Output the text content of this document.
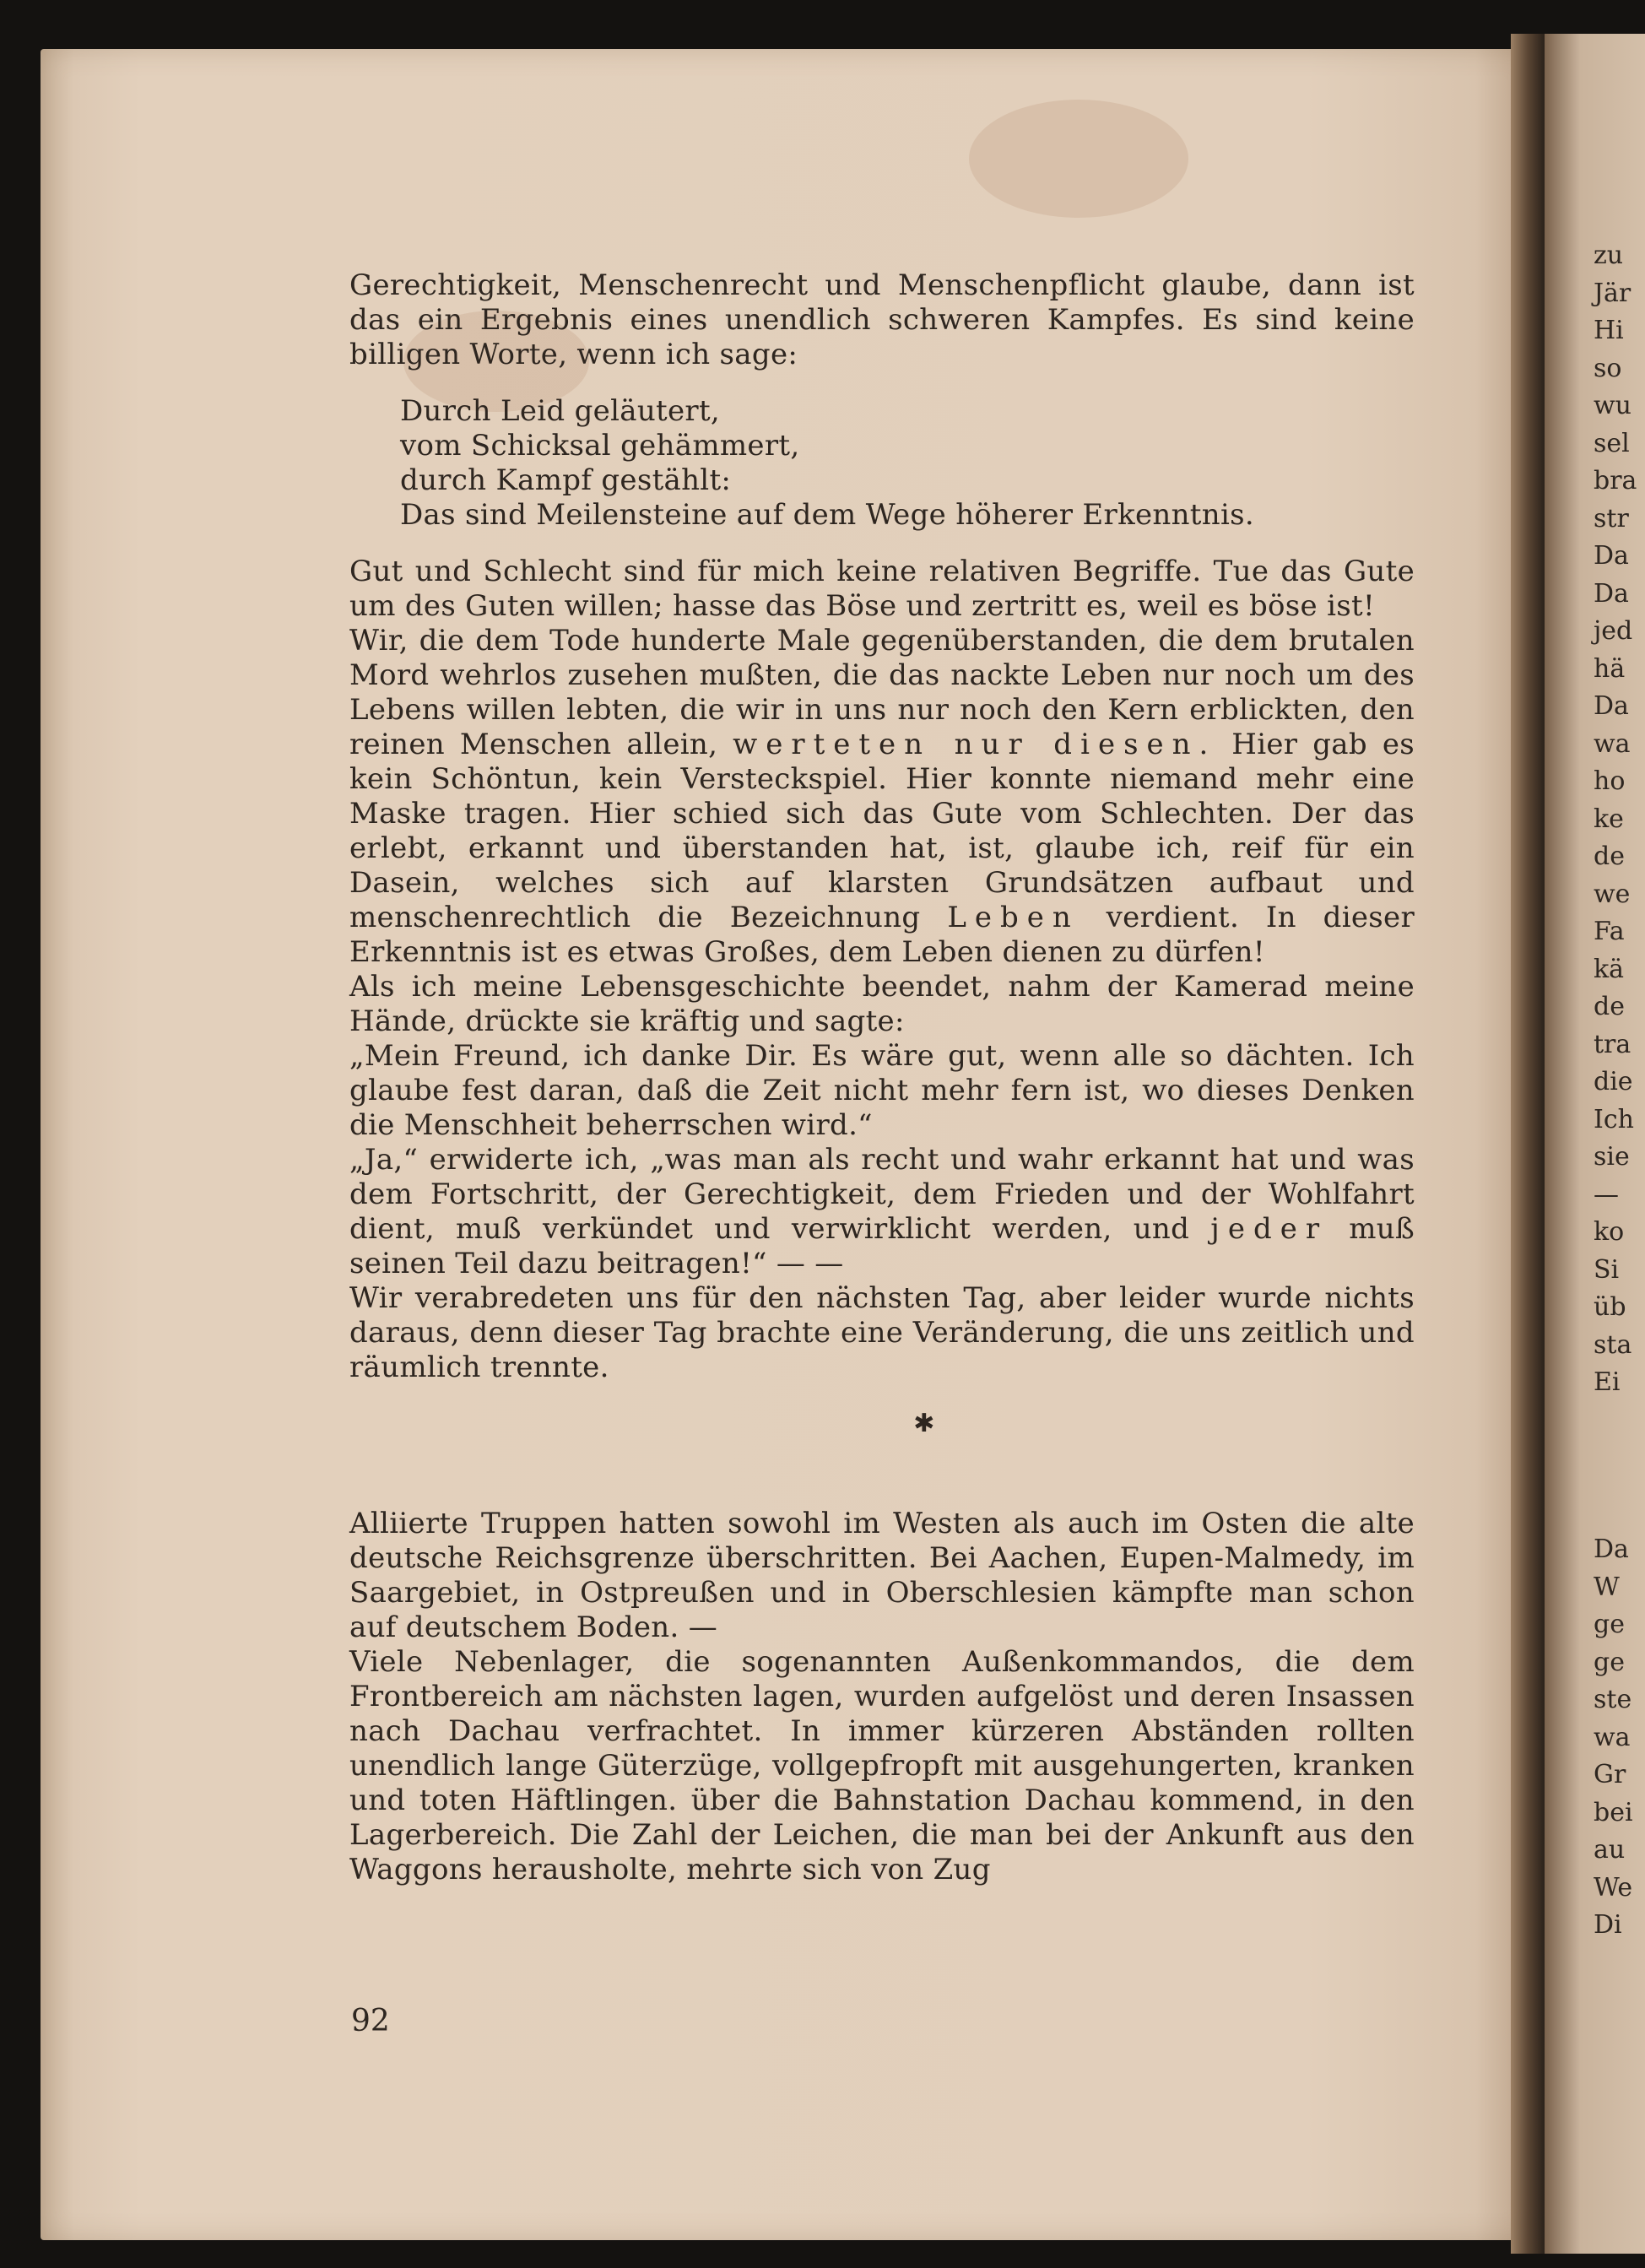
Gerechtigkeit, Menschenrecht und Menschenpflicht glaube, dann ist das ein Ergebnis eines unendlich schweren Kampfes. Es sind keine billigen Worte, wenn ich sage:

Durch Leid geläutert,
vom Schicksal gehämmert,
durch Kampf gestählt:
Das sind Meilensteine auf dem Wege höherer Erkenntnis.

Gut und Schlecht sind für mich keine relativen Begriffe. Tue das Gute um des Guten willen; hasse das Böse und zertritt es, weil es böse ist!

Wir, die dem Tode hunderte Male gegenüberstanden, die dem brutalen Mord wehrlos zusehen mußten, die das nackte Leben nur noch um des Lebens willen lebten, die wir in uns nur noch den Kern erblickten, den reinen Menschen allein, werteten nur diesen. Hier gab es kein Schöntun, kein Versteckspiel. Hier konnte niemand mehr eine Maske tragen. Hier schied sich das Gute vom Schlechten. Der das erlebt, erkannt und überstanden hat, ist, glaube ich, reif für ein Dasein, welches sich auf klarsten Grundsätzen aufbaut und menschenrechtlich die Bezeichnung Leben verdient. In dieser Erkenntnis ist es etwas Großes, dem Leben dienen zu dürfen!

Als ich meine Lebensgeschichte beendet, nahm der Kamerad meine Hände, drückte sie kräftig und sagte:

„Mein Freund, ich danke Dir. Es wäre gut, wenn alle so dächten. Ich glaube fest daran, daß die Zeit nicht mehr fern ist, wo dieses Denken die Menschheit beherrschen wird.“

„Ja,“ erwiderte ich, „was man als recht und wahr erkannt hat und was dem Fortschritt, der Gerechtigkeit, dem Frieden und der Wohlfahrt dient, muß verkündet und verwirklicht werden, und jeder muß seinen Teil dazu beitragen!“ — —

Wir verabredeten uns für den nächsten Tag, aber leider wurde nichts daraus, denn dieser Tag brachte eine Veränderung, die uns zeitlich und räumlich trennte.

✱

Alliierte Truppen hatten sowohl im Westen als auch im Osten die alte deutsche Reichsgrenze überschritten. Bei Aachen, Eupen-Malmedy, im Saargebiet, in Ostpreußen und in Oberschlesien kämpfte man schon auf deutschem Boden. —

Viele Nebenlager, die sogenannten Außenkommandos, die dem Frontbereich am nächsten lagen, wurden aufgelöst und deren Insassen nach Dachau verfrachtet. In immer kürzeren Abständen rollten unendlich lange Güterzüge, vollgepfropft mit ausgehungerten, kranken und toten Häftlingen. über die Bahnstation Dachau kommend, in den Lagerbereich. Die Zahl der Leichen, die man bei der Ankunft aus den Waggons herausholte, mehrte sich von Zug

92
zu
Jär
Hi
so
wu
sel
bra
str
Da
Da
jed
hä
Da
wa
ho
ke
de
we
Fa
kä
de
tra
die
Ich
sie
—
ko
Si
üb
sta
Ei
Da
W
ge
ge
ste
wa
Gr
bei
au
We
Di
